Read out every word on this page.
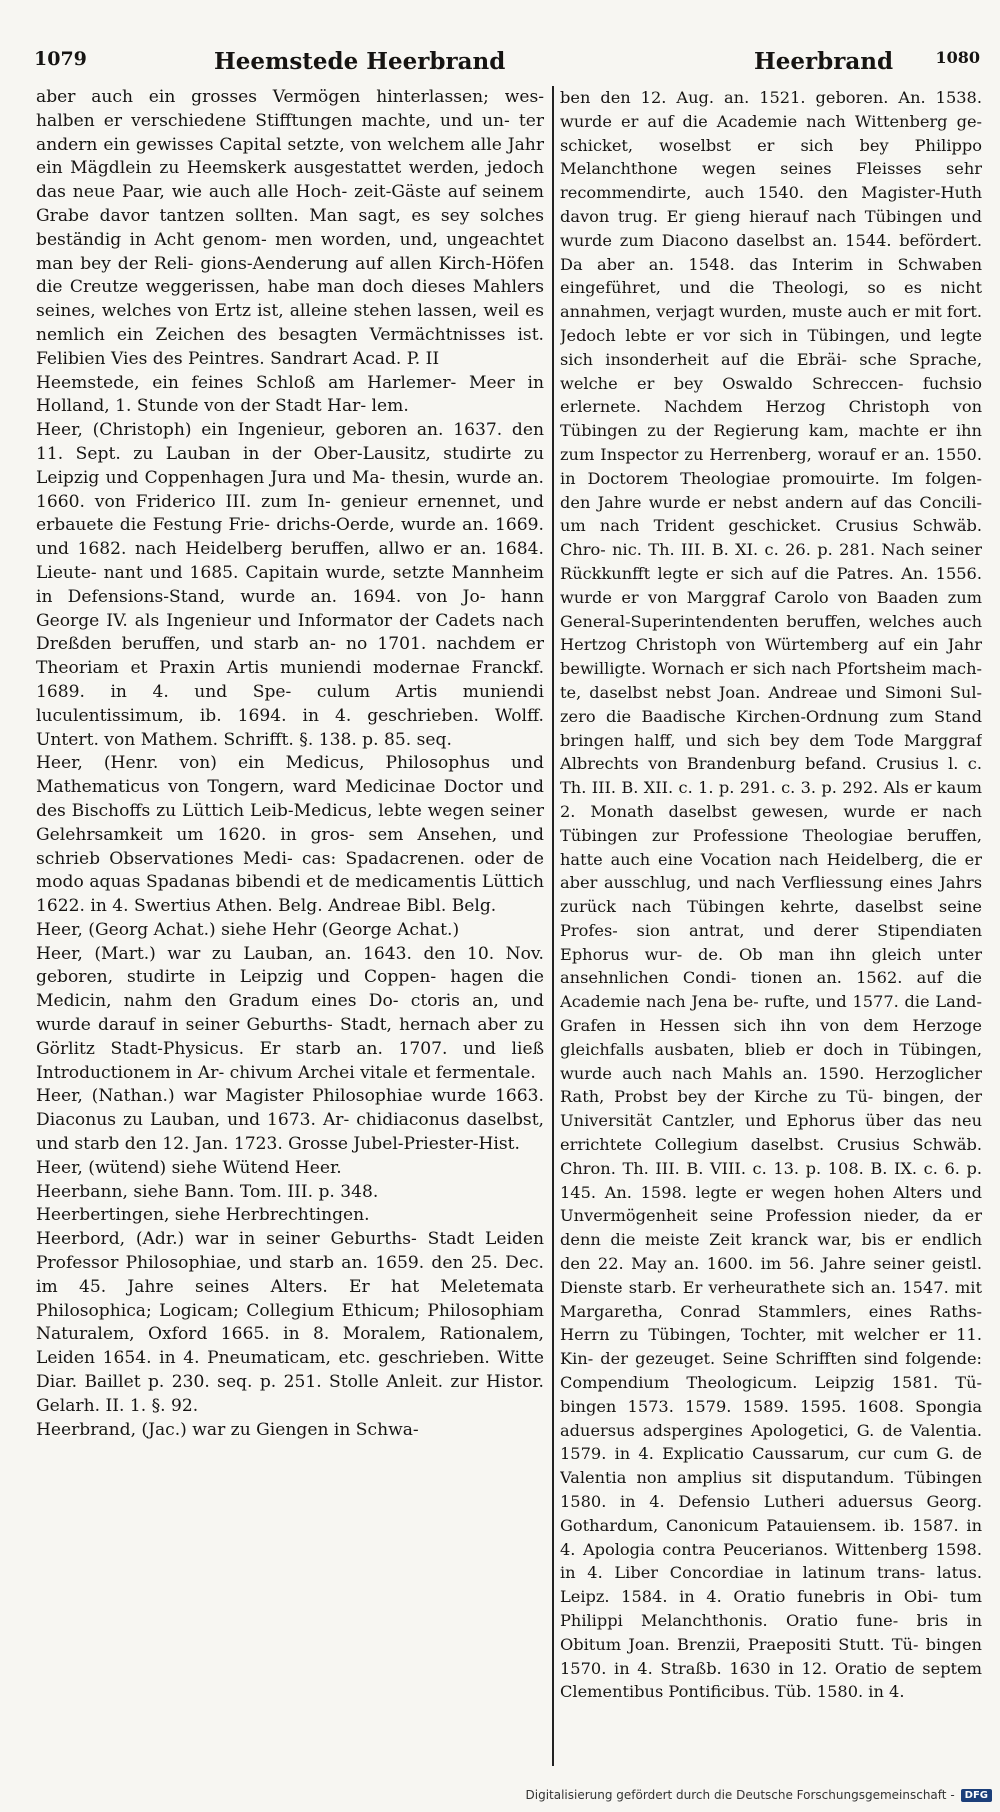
1079	Heemstede Heerbrand	Heerbrand	1080

aber auch ein grosses Vermögen hinterlassen; wes- halben er verschiedene Stifftungen machte, und un- ter andern ein gewisses Capital setzte, von welchem alle Jahr ein Mägdlein zu Heemskerk ausgestattet werden, jedoch das neue Paar, wie auch alle Hoch- zeit-Gäste auf seinem Grabe davor tantzen sollten. Man sagt, es sey solches beständig in Acht genom- men worden, und, ungeachtet man bey der Reli- gions-Aenderung auf allen Kirch-Höfen die Creutze weggerissen, habe man doch dieses Mahlers seines, welches von Ertz ist, alleine stehen lassen, weil es nemlich ein Zeichen des besagten Vermächtnisses ist. Felibien Vies des Peintres. Sandrart Acad. P. II

Heemstede, ein feines Schloß am Harlemer- Meer in Holland, 1. Stunde von der Stadt Har- lem.

Heer, (Christoph) ein Ingenieur, geboren an. 1637. den 11. Sept. zu Lauban in der Ober-Lausitz, studirte zu Leipzig und Coppenhagen Jura und Ma- thesin, wurde an. 1660. von Friderico III. zum In- genieur ernennet, und erbauete die Festung Frie- drichs-Oerde, wurde an. 1669. und 1682. nach Heidelberg beruffen, allwo er an. 1684. Lieute- nant und 1685. Capitain wurde, setzte Mannheim in Defensions-Stand, wurde an. 1694. von Jo- hann George IV. als Ingenieur und Informator der Cadets nach Dreßden beruffen, und starb an- no 1701. nachdem er Theoriam et Praxin Artis muniendi modernae Franckf. 1689. in 4. und Spe- culum Artis muniendi luculentissimum, ib. 1694. in 4. geschrieben. Wolff. Untert. von Mathem. Schrifft. §. 138. p. 85. seq.

Heer, (Henr. von) ein Medicus, Philosophus und Mathematicus von Tongern, ward Medicinae Doctor und des Bischoffs zu Lüttich Leib-Medicus, lebte wegen seiner Gelehrsamkeit um 1620. in gros- sem Ansehen, und schrieb Observationes Medi- cas: Spadacrenen. oder de modo aquas Spadanas bibendi et de medicamentis Lüttich 1622. in 4. Swertius Athen. Belg. Andreae Bibl. Belg.

Heer, (Georg Achat.) siehe Hehr (George Achat.)

Heer, (Mart.) war zu Lauban, an. 1643. den 10. Nov. geboren, studirte in Leipzig und Coppen- hagen die Medicin, nahm den Gradum eines Do- ctoris an, und wurde darauf in seiner Geburths- Stadt, hernach aber zu Görlitz Stadt-Physicus. Er starb an. 1707. und ließ Introductionem in Ar- chivum Archei vitale et fermentale.

Heer, (Nathan.) war Magister Philosophiae wurde 1663. Diaconus zu Lauban, und 1673. Ar- chidiaconus daselbst, und starb den 12. Jan. 1723. Grosse Jubel-Priester-Hist.

Heer, (wütend) siehe Wütend Heer.

Heerbann, siehe Bann. Tom. III. p. 348.

Heerbertingen, siehe Herbrechtingen.

Heerbord, (Adr.) war in seiner Geburths- Stadt Leiden Professor Philosophiae, und starb an. 1659. den 25. Dec. im 45. Jahre seines Alters. Er hat Meletemata Philosophica; Logicam; Collegium Ethicum; Philosophiam Naturalem, Oxford 1665. in 8. Moralem, Rationalem, Leiden 1654. in 4. Pneumaticam, etc. geschrieben. Witte Diar. Baillet p. 230. seq. p. 251. Stolle Anleit. zur Histor. Gelarh. II. 1. §. 92.

Heerbrand, (Jac.) war zu Giengen in Schwa-

ben den 12. Aug. an. 1521. geboren. An. 1538. wurde er auf die Academie nach Wittenberg ge- schicket, woselbst er sich bey Philippo Melanchthone wegen seines Fleisses sehr recommendirte, auch 1540. den Magister-Huth davon trug. Er gieng hierauf nach Tübingen und wurde zum Diacono daselbst an. 1544. befördert. Da aber an. 1548. das Interim in Schwaben eingeführet, und die Theologi, so es nicht annahmen, verjagt wurden, muste auch er mit fort. Jedoch lebte er vor sich in Tübingen, und legte sich insonderheit auf die Ebräi- sche Sprache, welche er bey Oswaldo Schreccen- fuchsio erlernete. Nachdem Herzog Christoph von Tübingen zu der Regierung kam, machte er ihn zum Inspector zu Herrenberg, worauf er an. 1550. in Doctorem Theologiae promouirte. Im folgen- den Jahre wurde er nebst andern auf das Concili- um nach Trident geschicket. Crusius Schwäb. Chro- nic. Th. III. B. XI. c. 26. p. 281. Nach seiner Rückkunfft legte er sich auf die Patres. An. 1556. wurde er von Marggraf Carolo von Baaden zum General-Superintendenten beruffen, welches auch Hertzog Christoph von Würtemberg auf ein Jahr bewilligte. Wornach er sich nach Pfortsheim mach- te, daselbst nebst Joan. Andreae und Simoni Sul- zero die Baadische Kirchen-Ordnung zum Stand bringen halff, und sich bey dem Tode Marggraf Albrechts von Brandenburg befand. Crusius l. c. Th. III. B. XII. c. 1. p. 291. c. 3. p. 292. Als er kaum 2. Monath daselbst gewesen, wurde er nach Tübingen zur Professione Theologiae beruffen, hatte auch eine Vocation nach Heidelberg, die er aber ausschlug, und nach Verfliessung eines Jahrs zurück nach Tübingen kehrte, daselbst seine Profes- sion antrat, und derer Stipendiaten Ephorus wur- de. Ob man ihn gleich unter ansehnlichen Condi- tionen an. 1562. auf die Academie nach Jena be- rufte, und 1577. die Land-Grafen in Hessen sich ihn von dem Herzoge gleichfalls ausbaten, blieb er doch in Tübingen, wurde auch nach Mahls an. 1590. Herzoglicher Rath, Probst bey der Kirche zu Tü- bingen, der Universität Cantzler, und Ephorus über das neu errichtete Collegium daselbst. Crusius Schwäb. Chron. Th. III. B. VIII. c. 13. p. 108. B. IX. c. 6. p. 145. An. 1598. legte er wegen hohen Alters und Unvermögenheit seine Profession nieder, da er denn die meiste Zeit kranck war, bis er endlich den 22. May an. 1600. im 56. Jahre seiner geistl. Dienste starb. Er verheurathete sich an. 1547. mit Margaretha, Conrad Stammlers, eines Raths- Herrn zu Tübingen, Tochter, mit welcher er 11. Kin- der gezeuget. Seine Schrifften sind folgende: Compendium Theologicum. Leipzig 1581. Tü- bingen 1573. 1579. 1589. 1595. 1608. Spongia aduersus adspergines Apologetici, G. de Valentia. 1579. in 4. Explicatio Caussarum, cur cum G. de Valentia non amplius sit disputandum. Tübingen 1580. in 4. Defensio Lutheri aduersus Georg. Gothardum, Canonicum Patauiensem. ib. 1587. in 4. Apologia contra Peucerianos. Wittenberg 1598. in 4. Liber Concordiae in latinum trans- latus. Leipz. 1584. in 4. Oratio funebris in Obi- tum Philippi Melanchthonis. Oratio fune- bris in Obitum Joan. Brenzii, Praepositi Stutt. Tü- bingen 1570. in 4. Straßb. 1630 in 12. Oratio de septem Clementibus Pontificibus. Tüb. 1580. in 4.

Digitalisierung gefördert durch die Deutsche Forschungsgemeinschaft -	DFG
